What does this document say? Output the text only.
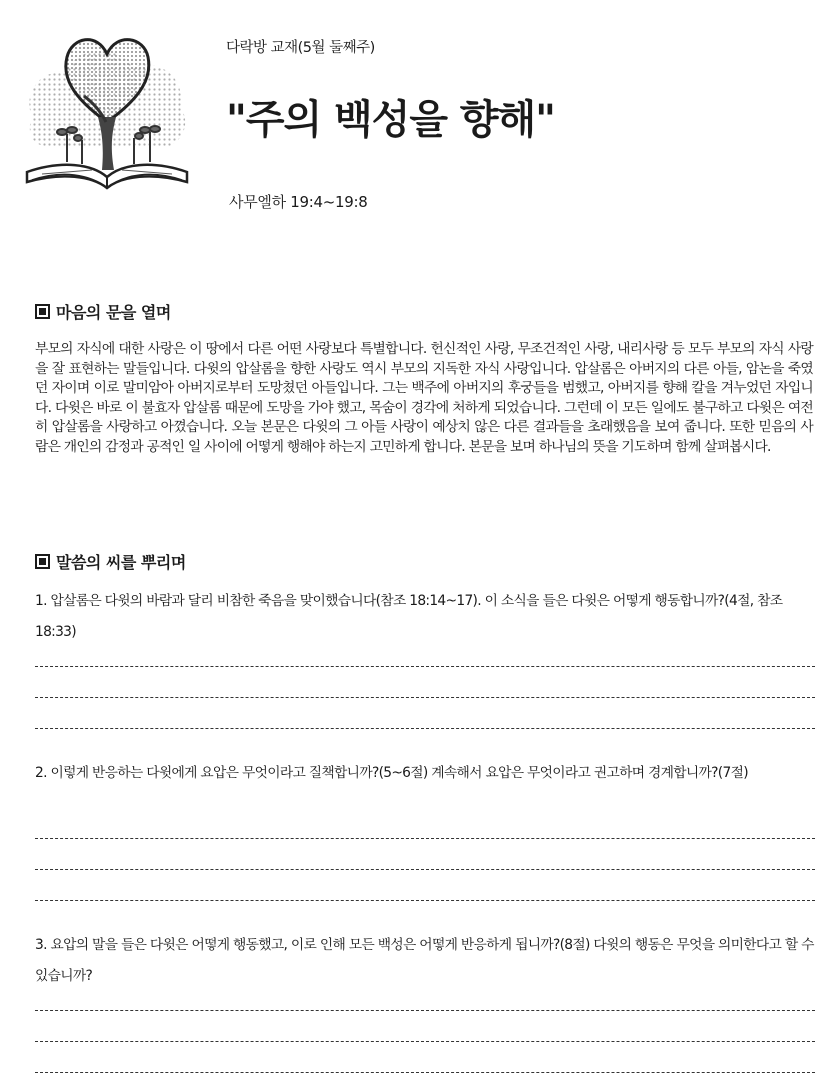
다락방 교재(5월 둘째주)
"주의 백성을 향해"
사무엘하 19:4~19:8
마음의 문을 열며

부모의 자식에 대한 사랑은 이 땅에서 다른 어떤 사랑보다 특별합니다. 헌신적인 사랑, 무조건적인 사랑, 내리사랑 등 모두 부모의 자식 사랑을 잘 표현하는 말들입니다. 다윗의 압살롬을 향한 사랑도 역시 부모의 지독한 자식 사랑입니다. 압살롬은 아버지의 다른 아들, 암논을 죽였던 자이며 이로 말미암아 아버지로부터 도망쳤던 아들입니다. 그는 백주에 아버지의 후궁들을 범했고, 아버지를 향해 칼을 겨누었던 자입니다. 다윗은 바로 이 불효자 압살롬 때문에 도망을 가야 했고, 목숨이 경각에 처하게 되었습니다. 그런데 이 모든 일에도 불구하고 다윗은 여전히 압살롬을 사랑하고 아꼈습니다. 오늘 본문은 다윗의 그 아들 사랑이 예상치 않은 다른 결과들을 초래했음을 보여 줍니다. 또한 믿음의 사람은 개인의 감정과 공적인 일 사이에 어떻게 행해야 하는지 고민하게 합니다. 본문을 보며 하나님의 뜻을 기도하며 함께 살펴봅시다.

말씀의 씨를 뿌리며

1. 압살롬은 다윗의 바람과 달리 비참한 죽음을 맞이했습니다(참조 18:14~17). 이 소식을 들은 다윗은 어떻게 행동합니까?(4절, 참조 18:33)

2. 이렇게 반응하는 다윗에게 요압은 무엇이라고 질책합니까?(5~6절) 계속해서 요압은 무엇이라고 권고하며 경계합니까?(7절)

3. 요압의 말을 들은 다윗은 어떻게 행동했고, 이로 인해 모든 백성은 어떻게 반응하게 됩니까?(8절) 다윗의 행동은 무엇을 의미한다고 할 수 있습니까?
